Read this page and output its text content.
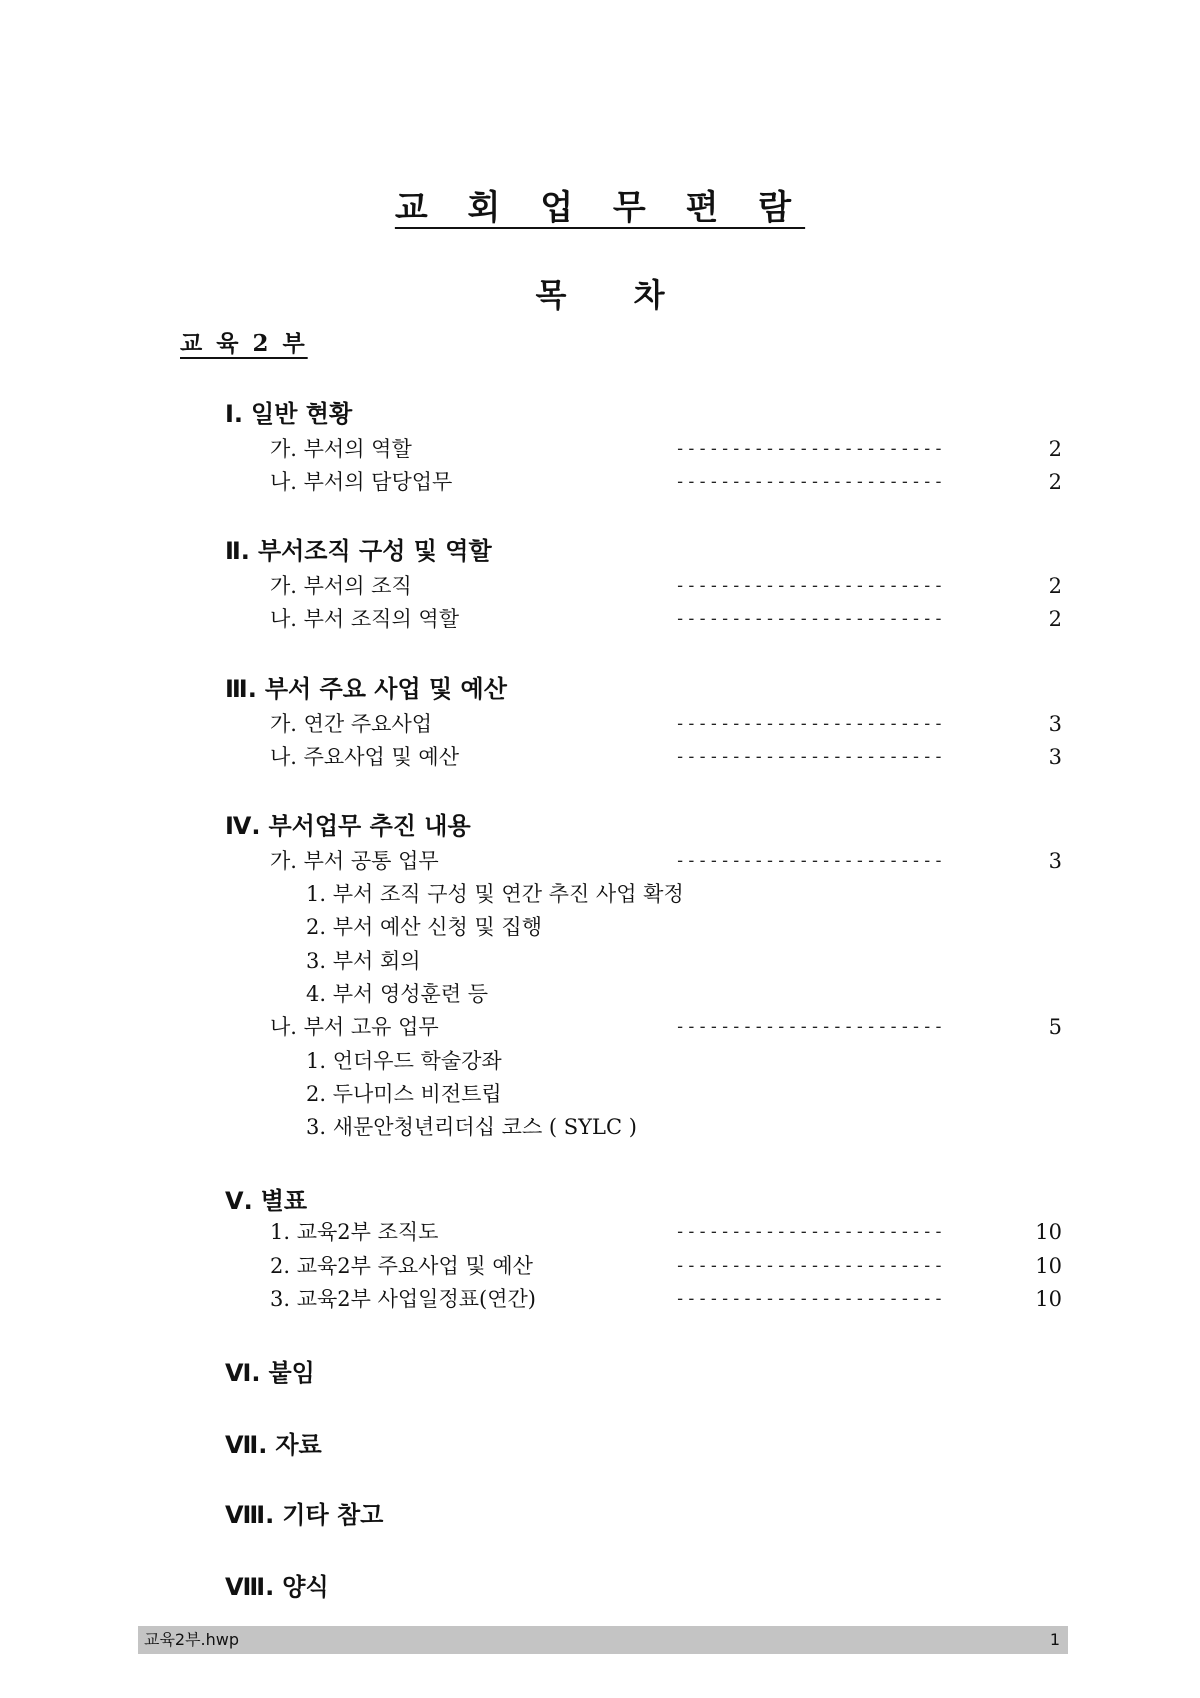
교 회 업 무 편 람
목 차
교 육 2 부
Ⅰ. 일반 현황
Ⅱ. 부서조직 구성 및 역할
Ⅲ. 부서 주요 사업 및 예산
Ⅳ. 부서업무 추진 내용
Ⅴ. 별표
Ⅵ. 붙임
Ⅶ. 자료
Ⅷ. 기타 참고
Ⅷ. 양식
가. 부서의 역할	------------------------	2
나. 부서의 담당업무	------------------------	2
가. 부서의 조직	------------------------	2
나. 부서 조직의 역할	------------------------	2
가. 연간 주요사업	------------------------	3
나. 주요사업 및 예산	------------------------	3
가. 부서 공통 업무	------------------------	3
1. 부서 조직 구성 및 연간 추진 사업 확정
2. 부서 예산 신청 및 집행
3. 부서 회의
4. 부서 영성훈련 등
나. 부서 고유 업무	------------------------	5
1. 언더우드 학술강좌
2. 두나미스 비전트립
3. 새문안청년리더십 코스 ( SYLC )
1. 교육2부 조직도	------------------------	10
2. 교육2부 주요사업 및 예산	------------------------	10
3. 교육2부 사업일정표(연간)	------------------------	10
교육2부.hwp	1
